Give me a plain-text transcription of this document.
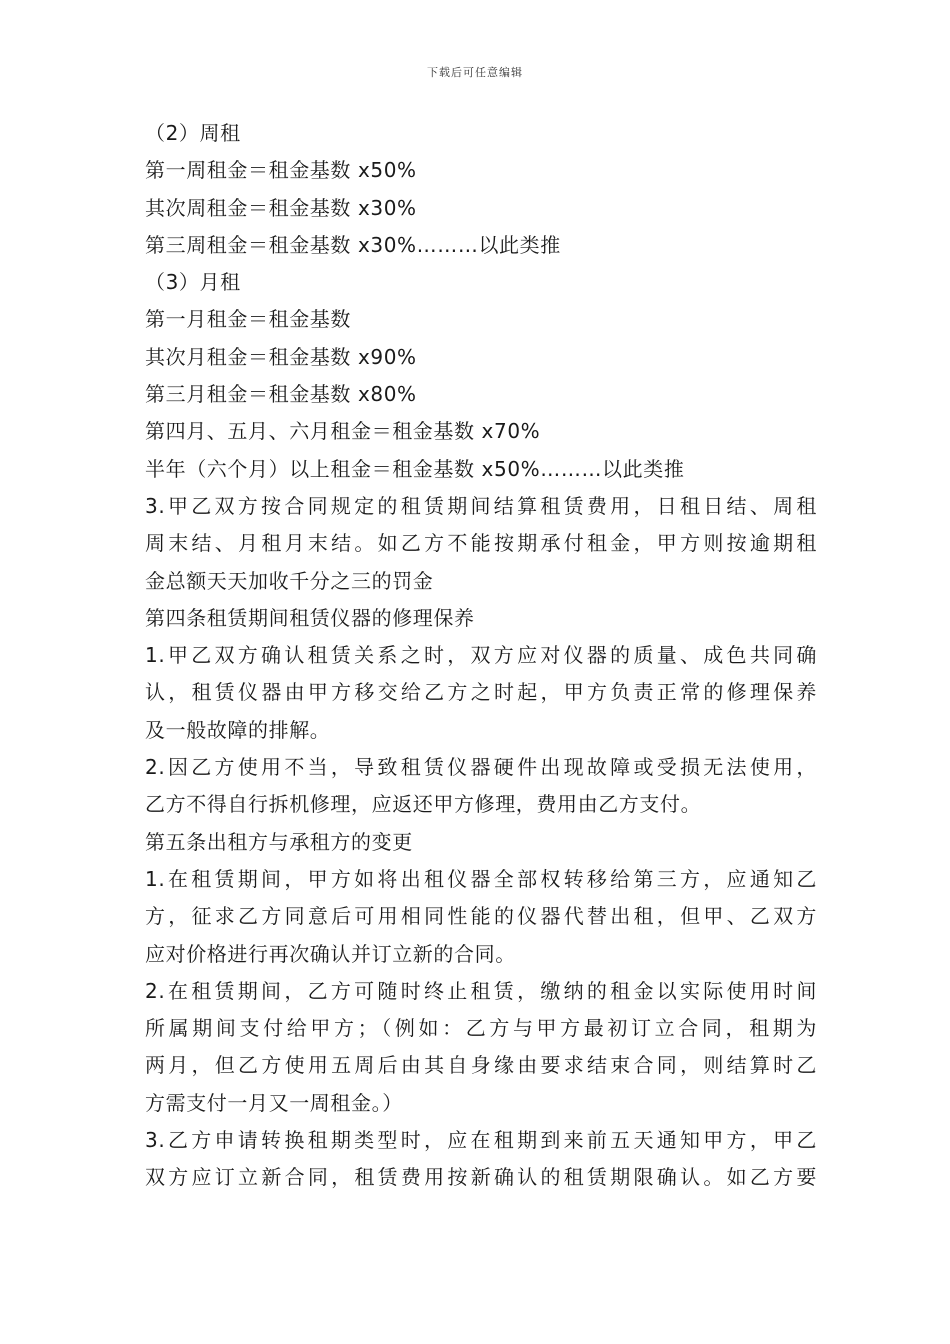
下载后可任意编辑
（2）周租
第一周租金＝租金基数 x50%
其次周租金＝租金基数 x30%
第三周租金＝租金基数 x30%………以此类推
（3）月租
第一月租金＝租金基数
其次月租金＝租金基数 x90%
第三月租金＝租金基数 x80%
第四月、五月、六月租金＝租金基数 x70%
半年（六个月）以上租金＝租金基数 x50%………以此类推
3.甲乙双方按合同规定的租赁期间结算租赁费用，日租日结、周租
周末结、月租月末结。如乙方不能按期承付租金，甲方则按逾期租
金总额天天加收千分之三的罚金
第四条租赁期间租赁仪器的修理保养
1.甲乙双方确认租赁关系之时，双方应对仪器的质量、成色共同确
认，租赁仪器由甲方移交给乙方之时起，甲方负责正常的修理保养
及一般故障的排解。
2.因乙方使用不当，导致租赁仪器硬件出现故障或受损无法使用，
乙方不得自行拆机修理，应返还甲方修理，费用由乙方支付。
第五条出租方与承租方的变更
1.在租赁期间，甲方如将出租仪器全部权转移给第三方，应通知乙
方，征求乙方同意后可用相同性能的仪器代替出租，但甲、乙双方
应对价格进行再次确认并订立新的合同。
2.在租赁期间，乙方可随时终止租赁，缴纳的租金以实际使用时间
所属期间支付给甲方；（例如：乙方与甲方最初订立合同，租期为
两月，但乙方使用五周后由其自身缘由要求结束合同，则结算时乙
方需支付一月又一周租金。）
3.乙方申请转换租期类型时，应在租期到来前五天通知甲方，甲乙
双方应订立新合同，租赁费用按新确认的租赁期限确认。如乙方要
